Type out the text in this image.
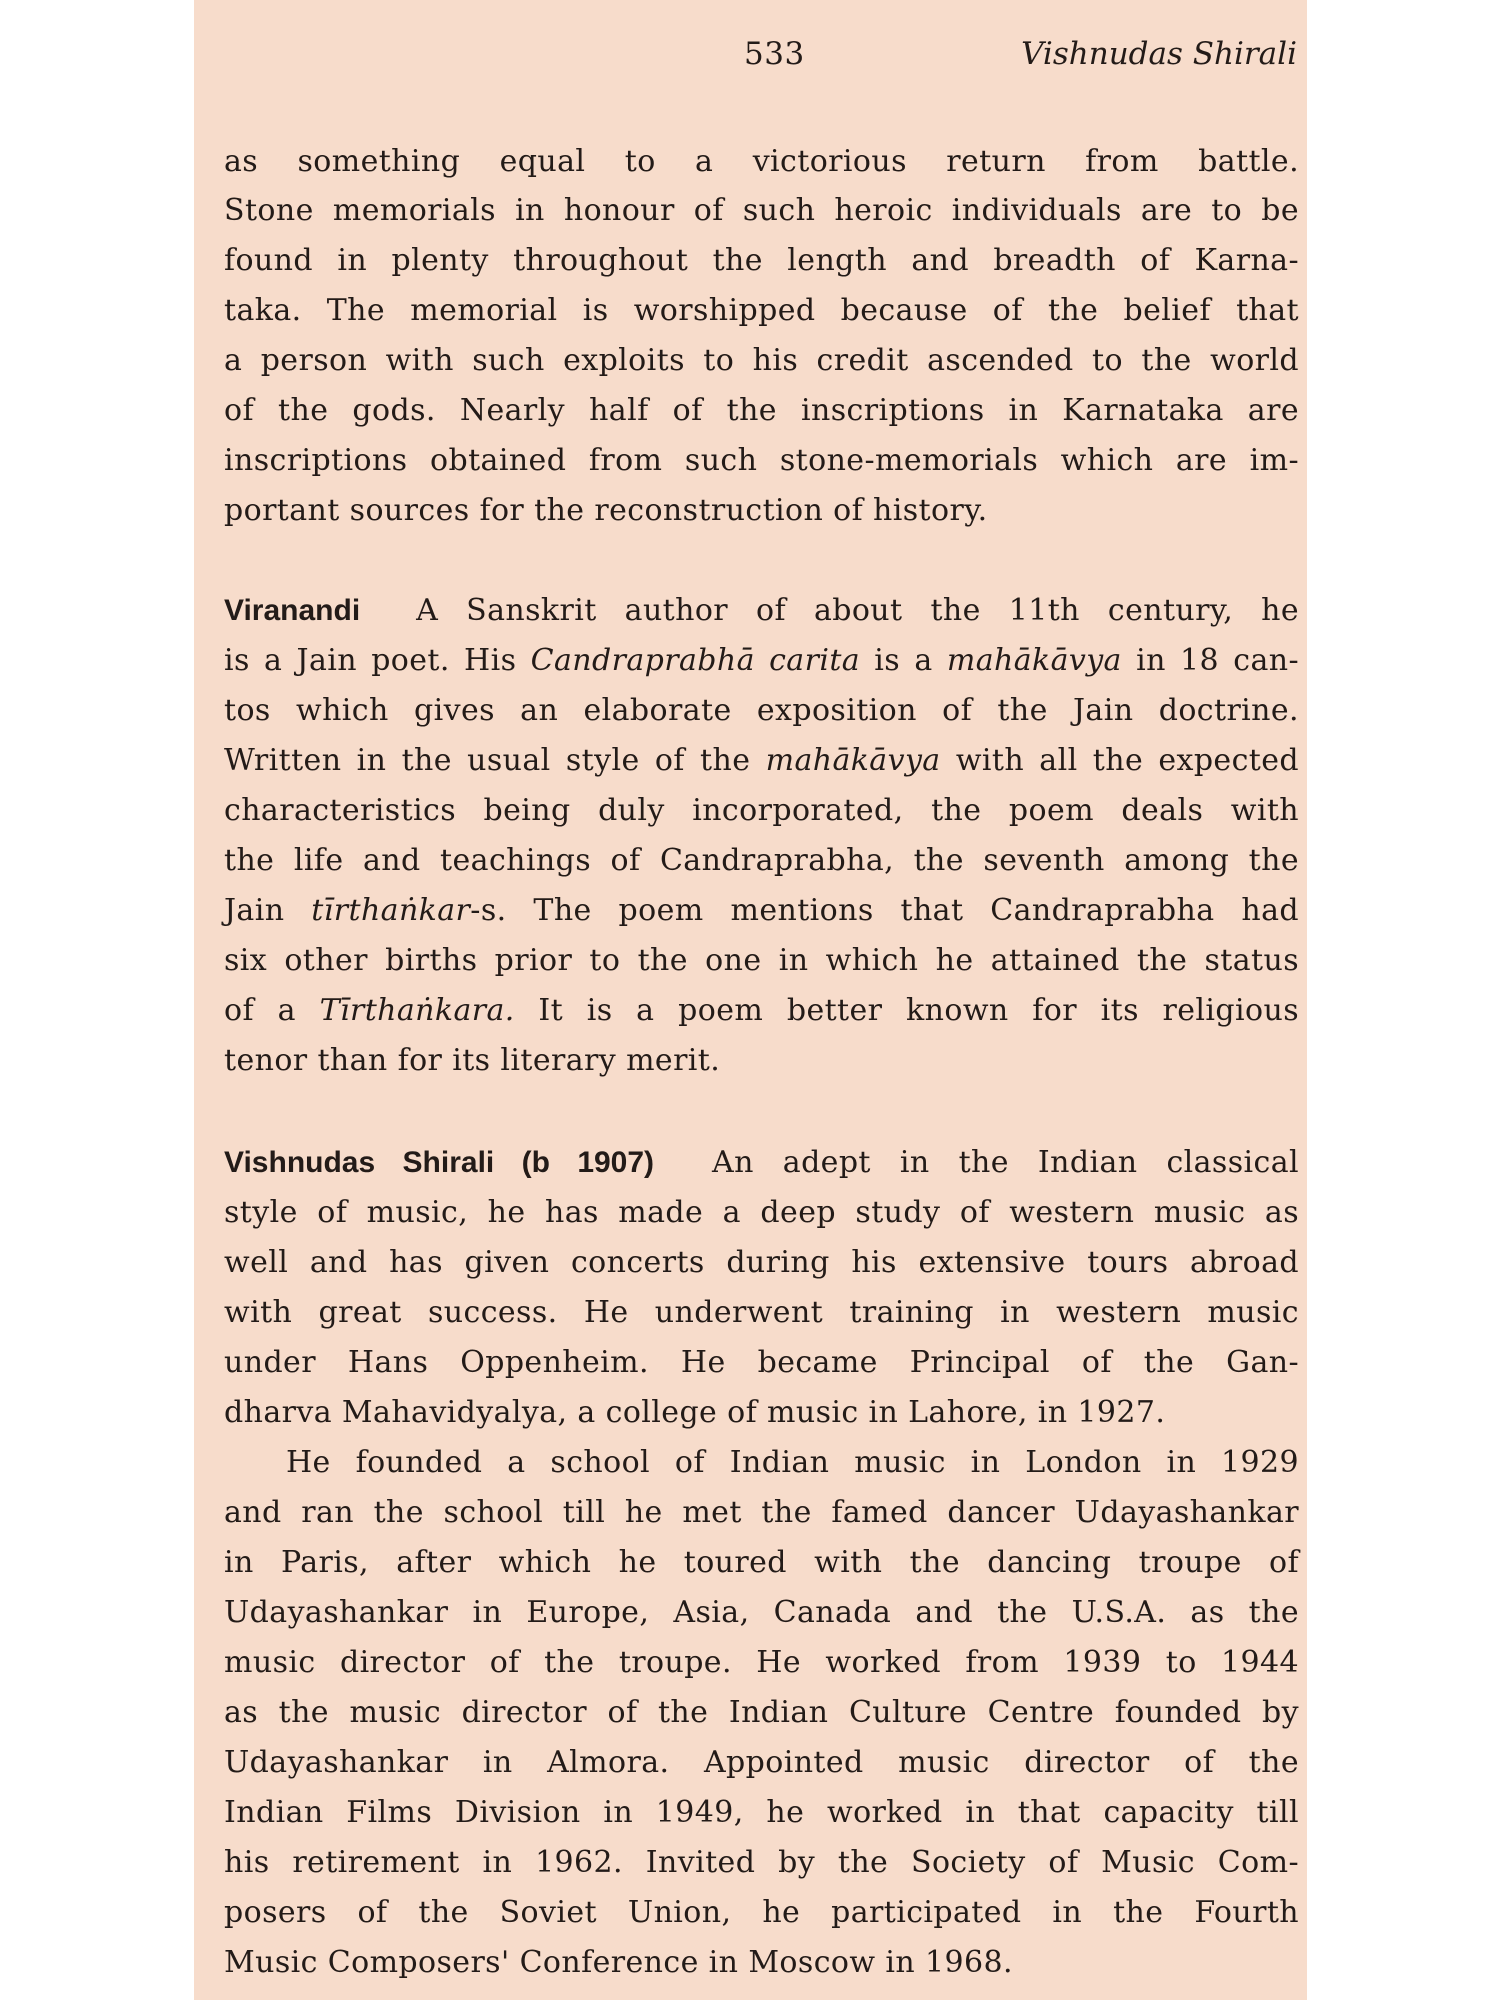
533	Vishnudas Shirali
as something equal to a victorious return from battle.
Stone memorials in honour of such heroic individuals are to be
found in plenty throughout the length and breadth of Karna-
taka. The memorial is worshipped because of the belief that
a person with such exploits to his credit ascended to the world
of the gods. Nearly half of the inscriptions in Karnataka are
inscriptions obtained from such stone-memorials which are im-
portant sources for the reconstruction of history.
Viranandi A Sanskrit author of about the 11th century, he
is a Jain poet. His Candraprabhā carita is a mahākāvya in 18 can-
tos which gives an elaborate exposition of the Jain doctrine.
Written in the usual style of the mahākāvya with all the expected
characteristics being duly incorporated, the poem deals with
the life and teachings of Candraprabha, the seventh among the
Jain tīrthaṅkar-s. The poem mentions that Candraprabha had
six other births prior to the one in which he attained the status
of a Tīrthaṅkara. It is a poem better known for its religious
tenor than for its literary merit.
Vishnudas Shirali (b 1907) An adept in the Indian classical
style of music, he has made a deep study of western music as
well and has given concerts during his extensive tours abroad
with great success. He underwent training in western music
under Hans Oppenheim. He became Principal of the Gan-
dharva Mahavidyalya, a college of music in Lahore, in 1927.
He founded a school of Indian music in London in 1929
and ran the school till he met the famed dancer Udayashankar
in Paris, after which he toured with the dancing troupe of
Udayashankar in Europe, Asia, Canada and the U.S.A. as the
music director of the troupe. He worked from 1939 to 1944
as the music director of the Indian Culture Centre founded by
Udayashankar in Almora. Appointed music director of the
Indian Films Division in 1949, he worked in that capacity till
his retirement in 1962. Invited by the Society of Music Com-
posers of the Soviet Union, he participated in the Fourth
Music Composers' Conference in Moscow in 1968.
